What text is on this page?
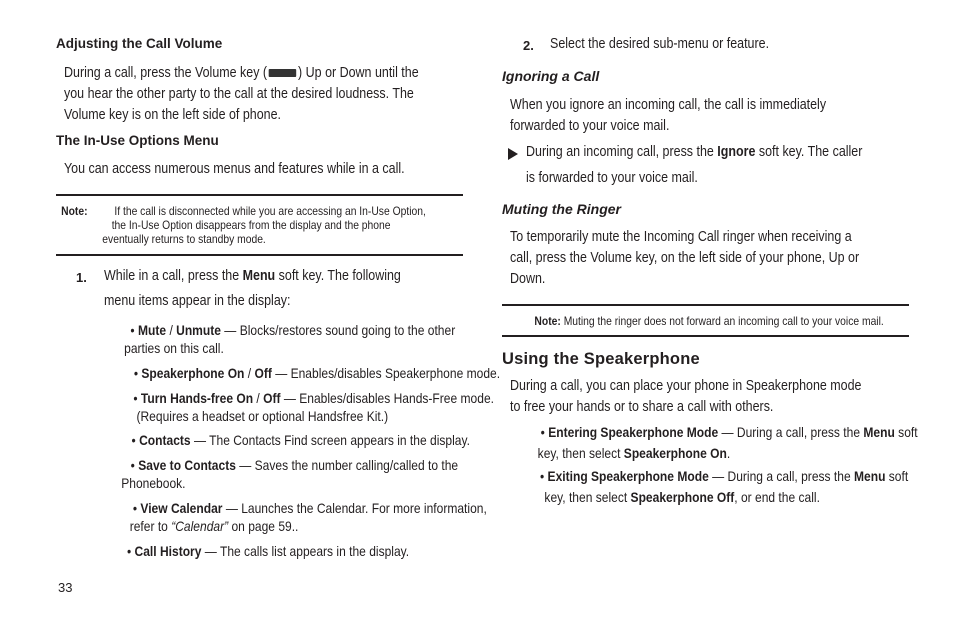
Adjusting the Call Volume
During a call, press the Volume key ( ) Up or Down until the
you hear the other party to the call at the desired loudness. The
Volume key is on the left side of phone.
The In-Use Options Menu
You can access numerous menus and features while in a call.
Note: If the call is disconnected while you are accessing an In-Use Option,
the In-Use Option disappears from the display and the phone
eventually returns to standby mode.
1. While in a call, press the Menu soft key. The following
menu items appear in the display:
• Mute / Unmute — Blocks/restores sound going to the other
parties on this call.
• Speakerphone On / Off — Enables/disables Speakerphone mode.
• Turn Hands-free On / Off — Enables/disables Hands-Free mode.
(Requires a headset or optional Handsfree Kit.)
• Contacts — The Contacts Find screen appears in the display.
• Save to Contacts — Saves the number calling/called to the
Phonebook.
• View Calendar — Launches the Calendar. For more information,
refer to “Calendar” on page 59..
• Call History — The calls list appears in the display.
33
2. Select the desired sub-menu or feature.
Ignoring a Call
When you ignore an incoming call, the call is immediately
forwarded to your voice mail.
During an incoming call, press the Ignore soft key. The caller
is forwarded to your voice mail.
Muting the Ringer
To temporarily mute the Incoming Call ringer when receiving a
call, press the Volume key, on the left side of your phone, Up or
Down.
Note: Muting the ringer does not forward an incoming call to your voice mail.
Using the Speakerphone
During a call, you can place your phone in Speakerphone mode
to free your hands or to share a call with others.
• Entering Speakerphone Mode — During a call, press the Menu soft
key, then select Speakerphone On.
• Exiting Speakerphone Mode — During a call, press the Menu soft
key, then select Speakerphone Off, or end the call.
